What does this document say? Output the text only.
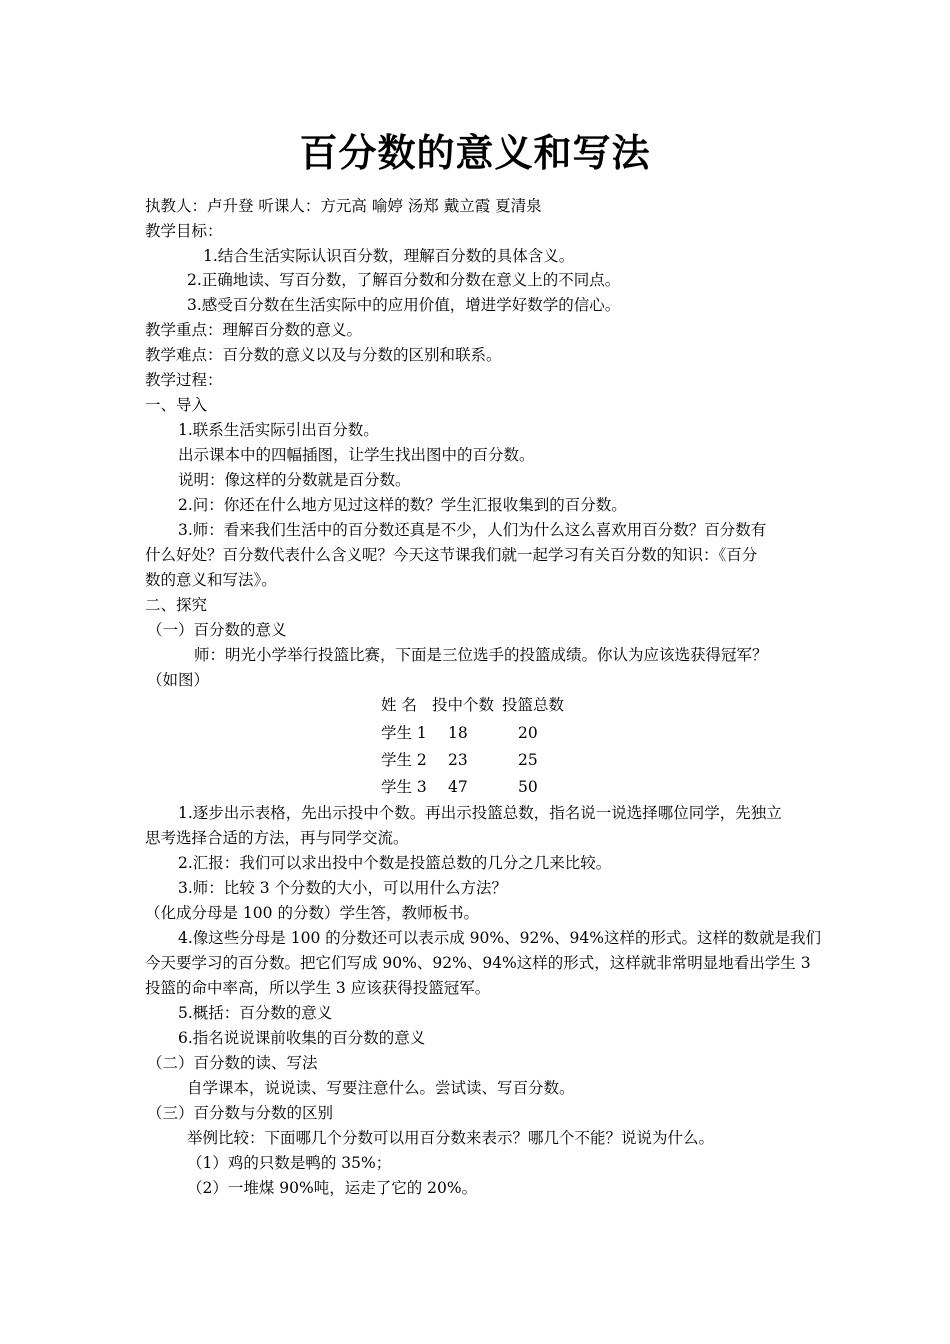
百分数的意义和写法
执教人：卢升登 听课人：方元高 喻婷 汤郑 戴立霞 夏清泉
教学目标：
1.结合生活实际认识百分数，理解百分数的具体含义。
2.正确地读、写百分数，了解百分数和分数在意义上的不同点。
3.感受百分数在生活实际中的应用价值，增进学好数学的信心。
教学重点：理解百分数的意义。
教学难点：百分数的意义以及与分数的区别和联系。
教学过程：
一、导入
1.联系生活实际引出百分数。
出示课本中的四幅插图，让学生找出图中的百分数。
说明：像这样的分数就是百分数。
2.问：你还在什么地方见过这样的数？学生汇报收集到的百分数。
3.师：看来我们生活中的百分数还真是不少，人们为什么这么喜欢用百分数？百分数有
什么好处？百分数代表什么含义呢？今天这节课我们就一起学习有关百分数的知识：《百分
数的意义和写法》。
二、探究
（一）百分数的意义
师：明光小学举行投篮比赛，下面是三位选手的投篮成绩。你认为应该选获得冠军？
（如图）
姓 名 投中个数 投篮总数
学生 1 18	20
学生 2 23	25
学生 3 47	50
1.逐步出示表格，先出示投中个数。再出示投篮总数，指名说一说选择哪位同学，先独立
思考选择合适的方法，再与同学交流。
2.汇报：我们可以求出投中个数是投篮总数的几分之几来比较。
3.师：比较 3 个分数的大小，可以用什么方法？
（化成分母是 100 的分数）学生答，教师板书。
4.像这些分母是 100 的分数还可以表示成 90%、92%、94%这样的形式。这样的数就是我们
今天要学习的百分数。把它们写成 90%、92%、94%这样的形式，这样就非常明显地看出学生 3
投篮的命中率高，所以学生 3 应该获得投篮冠军。
5.概括：百分数的意义
6.指名说说课前收集的百分数的意义
（二）百分数的读、写法
自学课本，说说读、写要注意什么。尝试读、写百分数。
（三）百分数与分数的区别
举例比较：下面哪几个分数可以用百分数来表示？哪几个不能？说说为什么。
（1）鸡的只数是鸭的 35%；
（2）一堆煤 90%吨，运走了它的 20%。
